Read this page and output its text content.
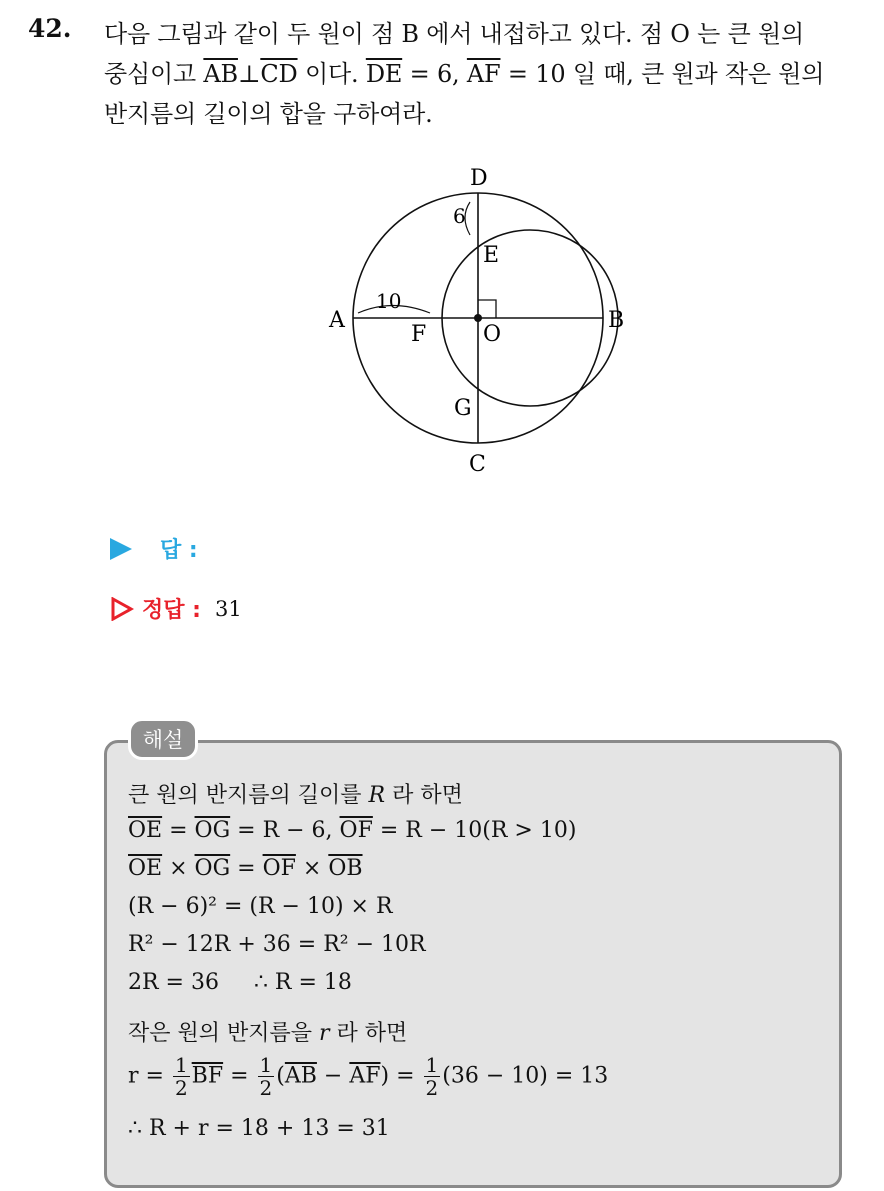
42. 다음 그림과 같이 두 원이 점 B 에서 내접하고 있다. 점 O 는 큰 원의
중심이고 $\overline{AB}\perp\overline{CD}$ 이다. $\overline{DE} = 6$, $\overline{AF} = 10$ 일 때, 큰 원과 작은 원의
반지름의 길이의 합을 구하여라.
D
E
A
F	O
B
G
C
6
10
답 :
정답 : 31
해설
큰 원의 반지름의 길이를 R 라 하면
$\overline{OE} = \overline{OG} = R - 6$, $\overline{OF} = R - 10(R > 10)$
$\overline{OE} \times \overline{OG} = \overline{OF} \times \overline{OB}$
(R − 6)² = (R − 10) × R
R² − 12R + 36 = R² − 10R
2R = 36     ∴ R = 18
작은 원의 반지름을 r 라 하면
$r = \frac{1}{2} \overline{BF} = \frac{1}{2} (\overline{AB} - \overline{AF}) = \frac{1}{2} (36 - 10) = 13$
∴ R + r = 18 + 13 = 31
